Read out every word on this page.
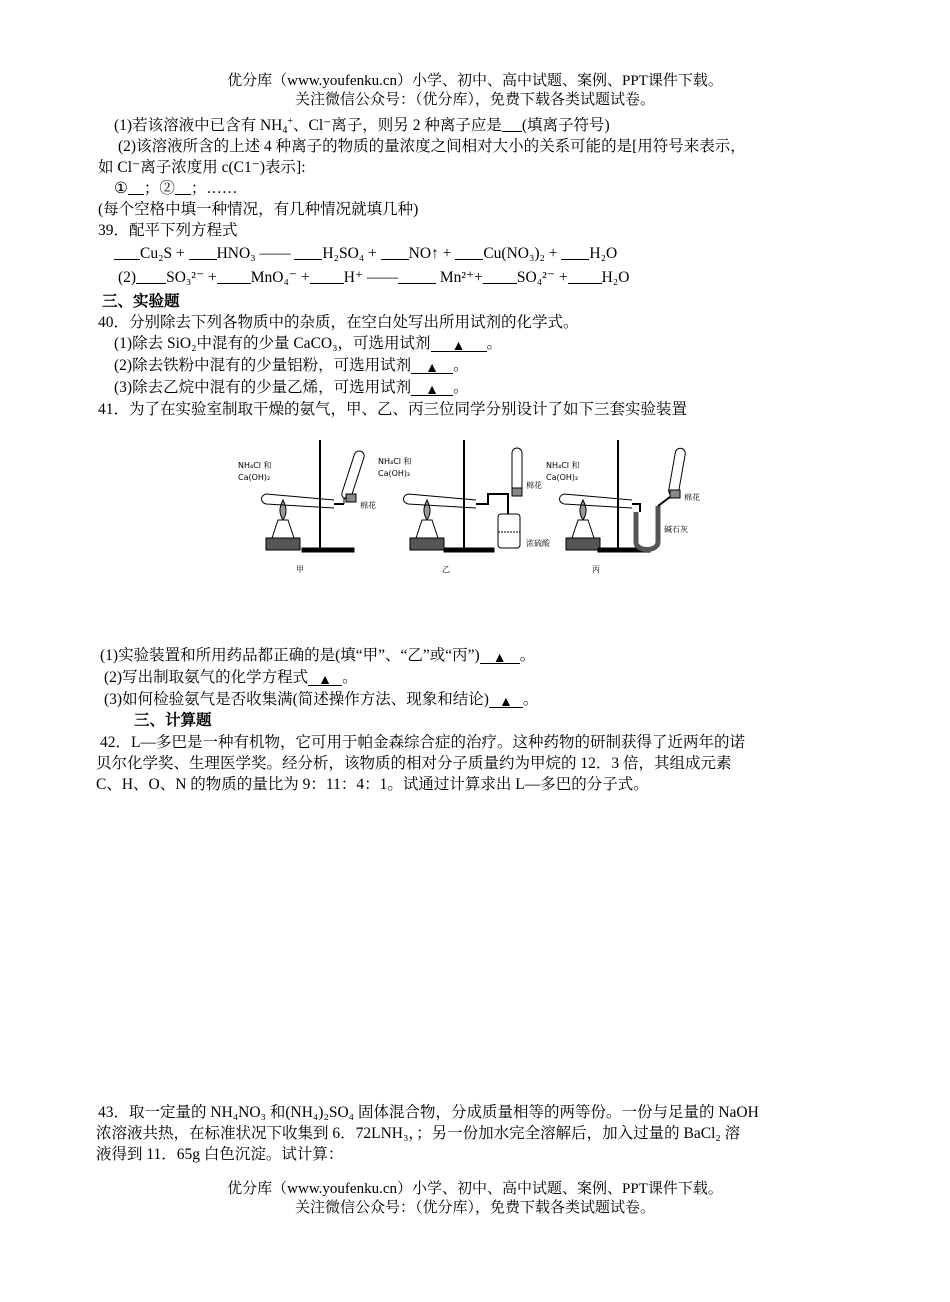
优分库（www.youfenku.cn）小学、初中、高中试题、案例、PPT课件下载。
关注微信公众号：（优分库），免费下载各类试题试卷。
(1)若该溶液中已含有 $NH_4^+$、Cl⁻离子，则另 2 种离子应是 (填离子符号)
(2)该溶液所含的上述 4 种离子的物质的量浓度之间相对大小的关系可能的是[用符号来表示，
如 Cl⁻离子浓度用 c(C1⁻)表示]:
① ；② ；……
(每个空格中填一种情况，有几种情况就填几种)
39．配平下列方程式
Cu₂S + HNO₃ —— H₂SO₄ + NO↑ + Cu(NO₃)₂ + H₂O
(2) SO₃²⁻ + MnO₄⁻ + H⁺ ——	Mn²⁺+ SO₄²⁻ + H₂O
三、实验题
40．分别除去下列各物质中的杂质，在空白处写出所用试剂的化学式。
(1)除去 SiO₂中混有的少量 CaCO₃，可选用试剂 ▲ 。
(2)除去铁粉中混有的少量铝粉，可选用试剂 ▲ 。
(3)除去乙烷中混有的少量乙烯，可选用试剂 ▲ 。
41．为了在实验室制取干燥的氨气，甲、乙、丙三位同学分别设计了如下三套实验装置
NH₄Cl 和
Ca(OH)₂
棉花
NH₄Cl 和
Ca(OH)₂
棉花
浓硫酸
NH₄Cl 和
Ca(OH)₂
棉花
碱石灰
甲	乙	丙
(1)实验装置和所用药品都正确的是(填“甲”、“乙”或“丙”) ▲ 。
(2)写出制取氨气的化学方程式 ▲ 。
(3)如何检验氨气是否收集满(简述操作方法、现象和结论) ▲ 。
三、计算题
42．L—多巴是一种有机物，它可用于帕金森综合症的治疗。这种药物的研制获得了近两年的诺
贝尔化学奖、生理医学奖。经分析，该物质的相对分子质量约为甲烷的 12．3 倍，其组成元素
C、H、O、N 的物质的量比为 9：11：4：1。试通过计算求出 L—多巴的分子式。
43．取一定量的 NH₄NO₃ 和(NH₄)₂SO₄ 固体混合物，分成质量相等的两等份。一份与足量的 NaOH
浓溶液共热，在标准状况下收集到 6．72LNH₃，；另一份加水完全溶解后，加入过量的 BaCl₂ 溶
液得到 11．65g 白色沉淀。试计算：
优分库（www.youfenku.cn）小学、初中、高中试题、案例、PPT课件下载。
关注微信公众号：（优分库），免费下载各类试题试卷。
